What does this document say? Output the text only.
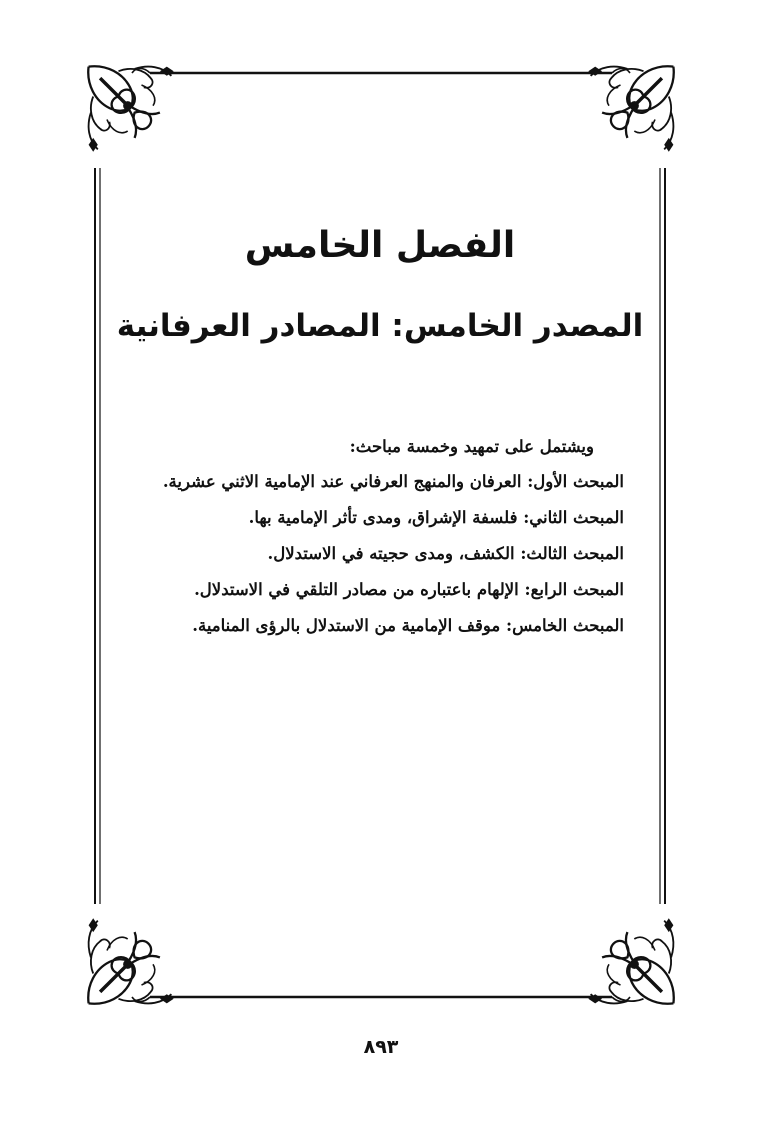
الفصل الخامس
المصدر الخامس: المصادر العرفانية

ويشتمل على تمهيد وخمسة مباحث:

المبحث الأول: العرفان والمنهج العرفاني عند الإمامية الاثني عشرية.
المبحث الثاني: فلسفة الإشراق، ومدى تأثر الإمامية بها.
المبحث الثالث: الكشف، ومدى حجيته في الاستدلال.
المبحث الرابع: الإلهام باعتباره من مصادر التلقي في الاستدلال.
المبحث الخامس: موقف الإمامية من الاستدلال بالرؤى المنامية.
٨٩٣
